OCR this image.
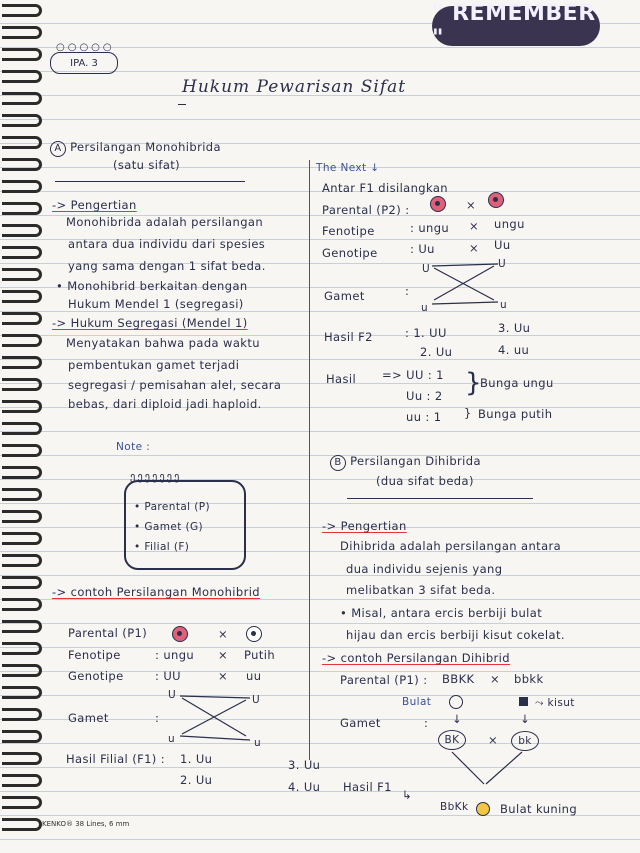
" REMEMBER "
○○○○○
IPA. 3
Hukum Pewarisan Sifat
A Persilangan Monohibrida
(satu sifat)
-> Pengertian
Monohibrida adalah persilangan
antara dua individu dari spesies
yang sama dengan 1 sifat beda.
• Monohibrid berkaitan dengan
Hukum Mendel 1 (segregasi)
-> Hukum Segregasi (Mendel 1)
Menyatakan bahwa pada waktu
pembentukan gamet terjadi
segregasi / pemisahan alel, secara
bebas, dari diploid jadi haploid.
Note :
ეეეეეეე
• Parental (P)
• Gamet (G)
• Filial (F)
-> contoh Persilangan Monohibrid
Parental (P1)	×
Fenotipe	: ungu × Putih
Genotipe	: UU	× uu
Gamet	:
U	U
u	u
Hasil Filial (F1) : 1. Uu
2. Uu
3. Uu
4. Uu
The Next ↓
Antar F1 disilangkan
Parental (P2) :	×
Fenotipe	: ungu × ungu
Genotipe	: Uu	× Uu
Gamet	:
U	U
u	u
Hasil F2	: 1. UU	3. Uu
2. Uu	4. uu
Hasil => UU : 1
Uu : 2
uu : 1
}
Bunga ungu
} Bunga putih
B Persilangan Dihibrida
(dua sifat beda)
-> Pengertian
Dihibrida adalah persilangan antara
dua individu sejenis yang
melibatkan 3 sifat beda.
• Misal, antara ercis berbiji bulat
hijau dan ercis berbiji kisut cokelat.
-> contoh Persilangan Dihibrid
Parental (P1) : BBKK × bbkk
Bulat	⤳ kisut
Gamet	: ↓	↓
BK	×	bk
Hasil F1
↳
BbKk	Bulat kuning
KENKO® 38 Lines, 6 mm
